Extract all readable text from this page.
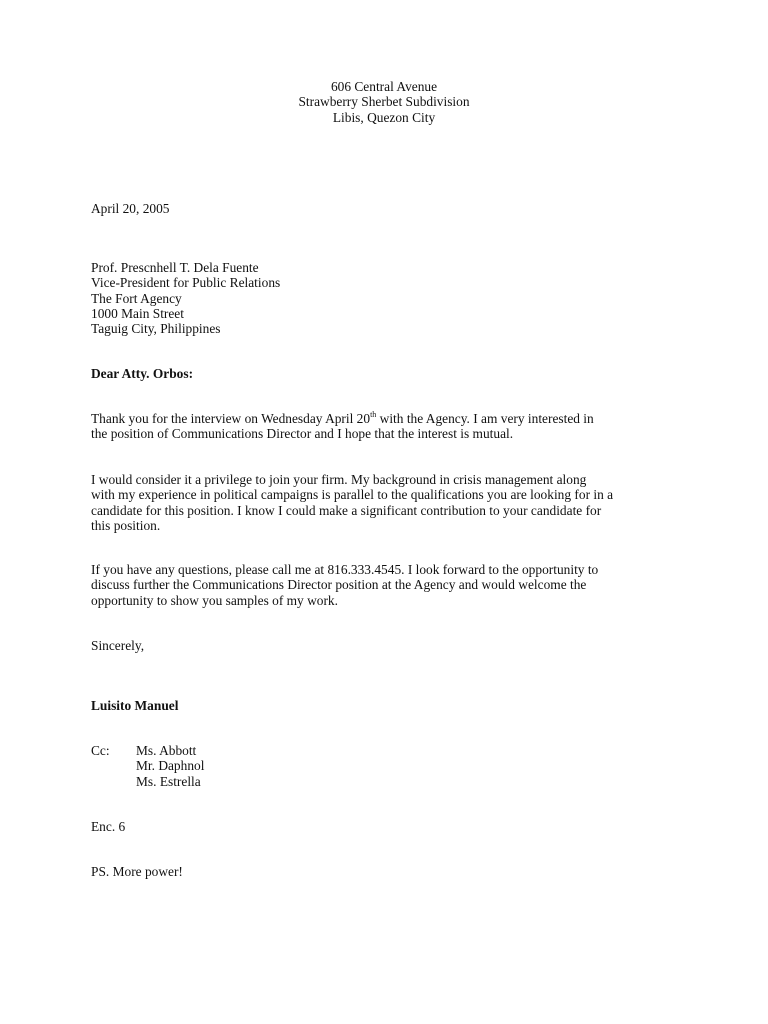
606 Central Avenue
Strawberry Sherbet Subdivision
Libis, Quezon City
April 20, 2005
Prof. Prescnhell T. Dela Fuente
Vice-President for Public Relations
The Fort Agency
1000 Main Street
Taguig City, Philippines
Dear Atty. Orbos:
Thank you for the interview on Wednesday April 20th with the Agency. I am very interested in
the position of Communications Director and I hope that the interest is mutual.
I would consider it a privilege to join your firm. My background in crisis management along
with my experience in political campaigns is parallel to the qualifications you are looking for in a
candidate for this position. I know I could make a significant contribution to your candidate for
this position.
If you have any questions, please call me at 816.333.4545. I look forward to the opportunity to
discuss further the Communications Director position at the Agency and would welcome the
opportunity to show you samples of my work.
Sincerely,
Luisito Manuel
Cc:	Ms. Abbott
Mr. Daphnol
Ms. Estrella
Enc. 6
PS. More power!
